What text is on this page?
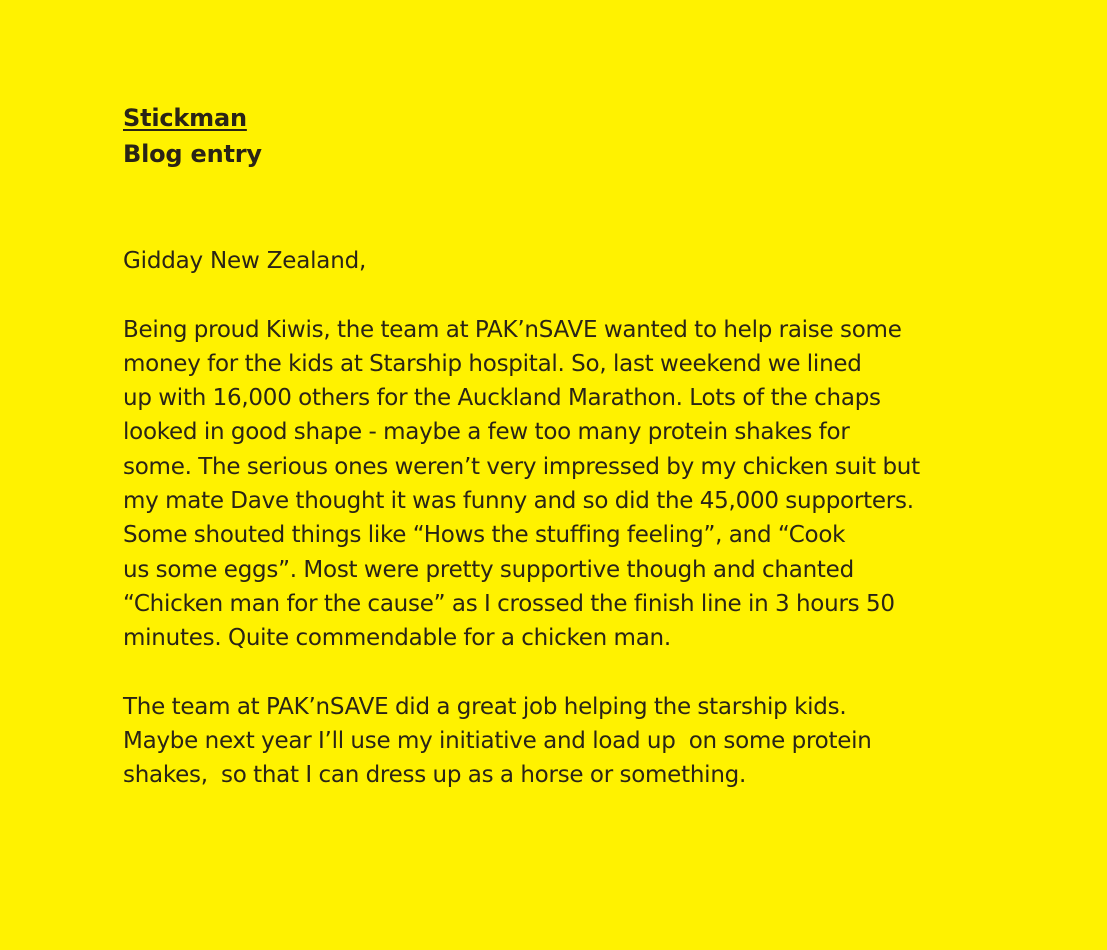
Stickman
Blog entry
Gidday New Zealand,
Being proud Kiwis, the team at PAK’nSAVE wanted to help raise some
money for the kids at Starship hospital. So, last weekend we lined
up with 16,000 others for the Auckland Marathon. Lots of the chaps
looked in good shape - maybe a few too many protein shakes for
some. The serious ones weren’t very impressed by my chicken suit but
my mate Dave thought it was funny and so did the 45,000 supporters.
Some shouted things like “Hows the stuffing feeling”, and “Cook
us some eggs”. Most were pretty supportive though and chanted
“Chicken man for the cause” as I crossed the finish line in 3 hours 50
minutes. Quite commendable for a chicken man.
The team at PAK’nSAVE did a great job helping the starship kids.
Maybe next year I’ll use my initiative and load up  on some protein
shakes,  so that I can dress up as a horse or something.
